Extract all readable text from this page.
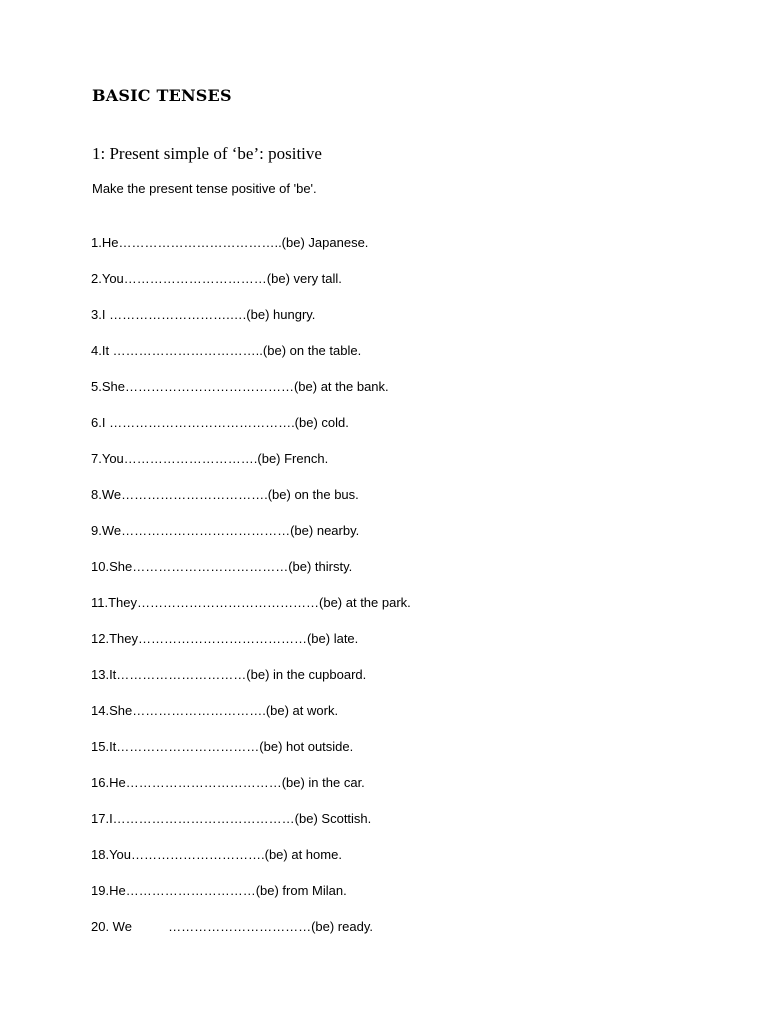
BASIC TENSES
1: Present simple of ‘be’: positive
Make the present tense positive of 'be'.
1.He………………………………..(be) Japanese.
2.You……………………………(be) very tall.
3.I ……………………….….(be) hungry.
4.It ……………………………..(be) on the table.
5.She…………………………………(be) at the bank.
6.I …………………………………….(be) cold.
7.You………………………….(be) French.
8.We…………………………….(be) on the bus.
9.We…………………………………(be) nearby.
10.She………………………………(be) thirsty.
11.They……………………………………(be) at the park.
12.They…………………………………(be) late.
13.It…………………………(be) in the cupboard.
14.She………………………….(be) at work.
15.It……………………………(be) hot outside.
16.He………………………………(be) in the car.
17.I……………………………………(be) Scottish.
18.You………………………….(be) at home.
19.He…………………………(be) from Milan.
20. We          ……………………………(be) ready.
